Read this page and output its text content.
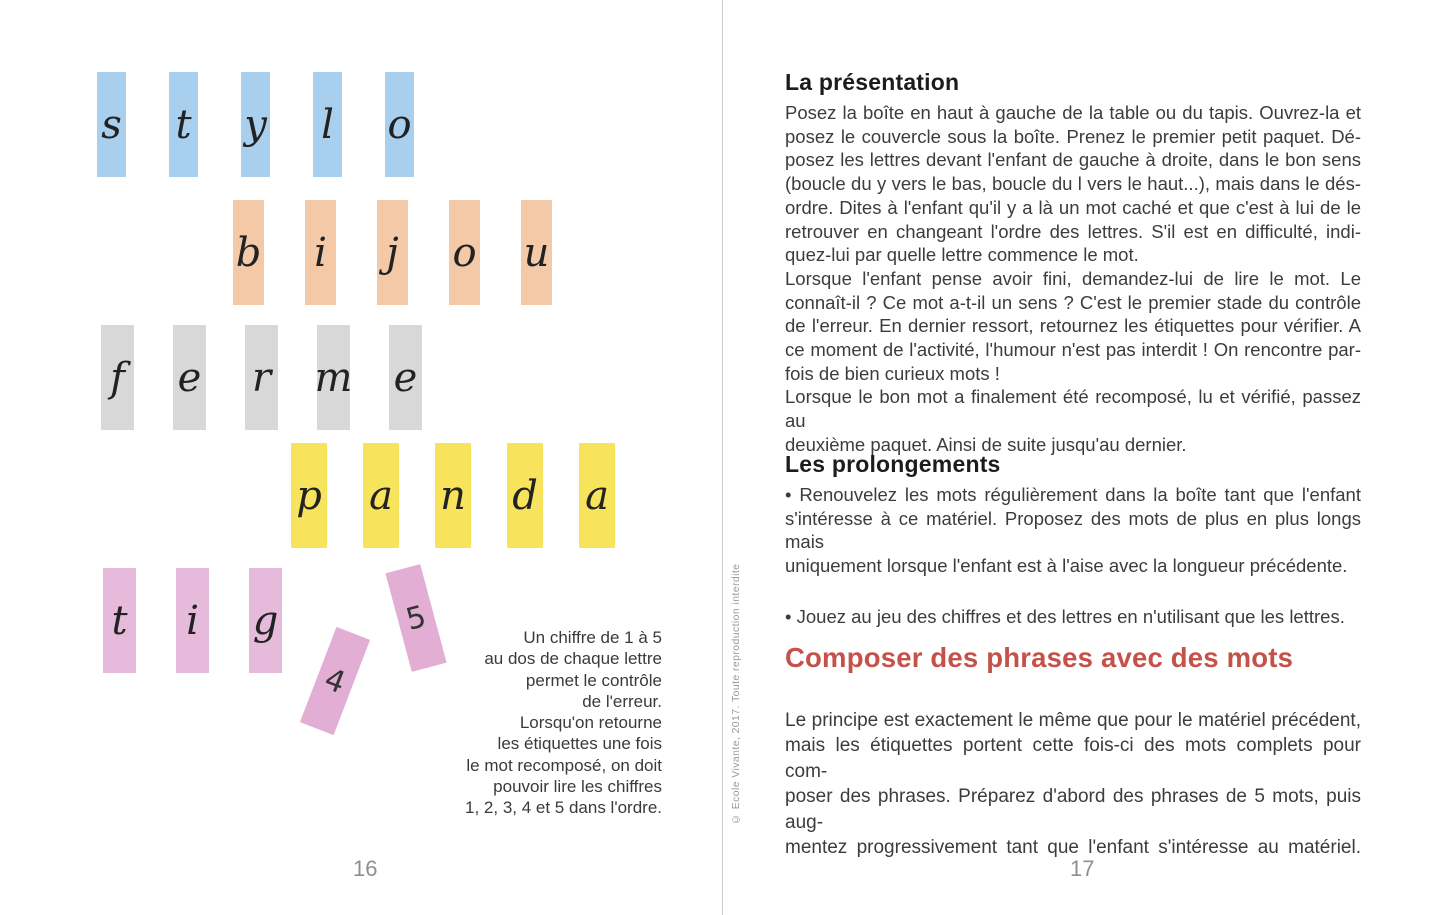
s t y l o
b i j o u
f e r m e
p a n d a
t i g
4
5
Un chiffre de 1 à 5
au dos de chaque lettre
permet le contrôle
de l'erreur.
Lorsqu'on retourne
les étiquettes une fois
le mot recomposé, on doit
pouvoir lire les chiffres
1, 2, 3, 4 et 5 dans l'ordre.
16
© Ecole Vivante, 2017. Toute reproduction interdite
La présentation
Posez la boîte en haut à gauche de la table ou du tapis. Ouvrez-la et
posez le couvercle sous la boîte. Prenez le premier petit paquet. Dé-
posez les lettres devant l'enfant de gauche à droite, dans le bon sens
(boucle du y vers le bas, boucle du l vers le haut...), mais dans le dés-
ordre. Dites à l'enfant qu'il y a là un mot caché et que c'est à lui de le
retrouver en changeant l'ordre des lettres. S'il est en difficulté, indi-
quez-lui par quelle lettre commence le mot.
Lorsque l'enfant pense avoir fini, demandez-lui de lire le mot. Le
connaît-il ? Ce mot a-t-il un sens ? C'est le premier stade du contrôle
de l'erreur. En dernier ressort, retournez les étiquettes pour vérifier. A
ce moment de l'activité, l'humour n'est pas interdit ! On rencontre par-
fois de bien curieux mots !
Lorsque le bon mot a finalement été recomposé, lu et vérifié, passez au
deuxième paquet. Ainsi de suite jusqu'au dernier.
Les prolongements
• Renouvelez les mots régulièrement dans la boîte tant que l'enfant
s'intéresse à ce matériel. Proposez des mots de plus en plus longs mais
uniquement lorsque l'enfant est à l'aise avec la longueur précédente.
• Jouez au jeu des chiffres et des lettres en n'utilisant que les lettres.
Composer des phrases avec des mots
Le principe est exactement le même que pour le matériel précédent,
mais les étiquettes portent cette fois-ci des mots complets pour com-
poser des phrases. Préparez d'abord des phrases de 5 mots, puis aug-
mentez progressivement tant que l'enfant s'intéresse au matériel.
17
